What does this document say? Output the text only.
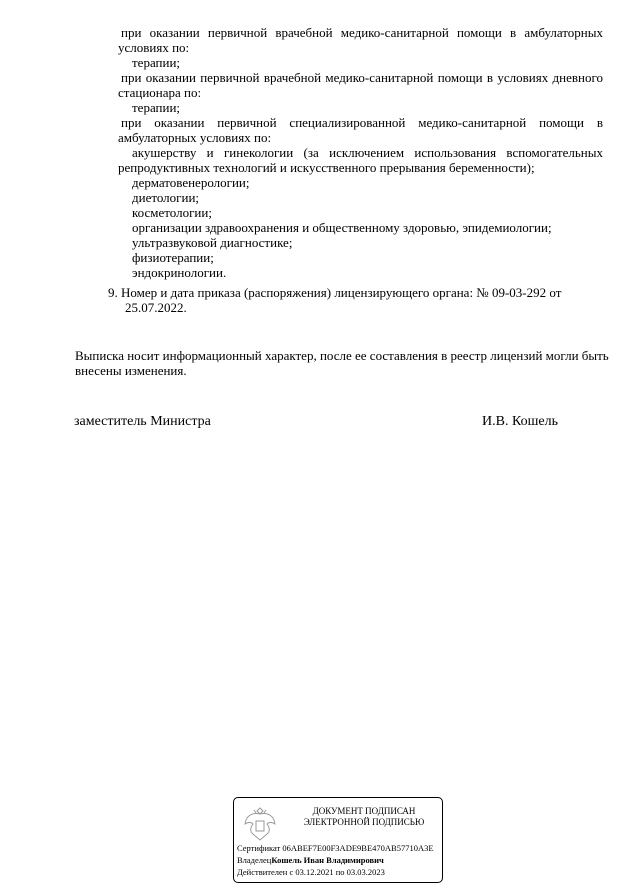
при оказании первичной врачебной медико-санитарной помощи в амбулаторных
условиях по:
терапии;
при оказании первичной врачебной медико-санитарной помощи в условиях дневного
стационара по:
терапии;
при оказании первичной специализированной медико-санитарной помощи в
амбулаторных условиях по:
акушерству и гинекологии (за исключением использования вспомогательных
репродуктивных технологий и искусственного прерывания беременности);
дерматовенерологии;
диетологии;
косметологии;
организации здравоохранения и общественному здоровью, эпидемиологии;
ультразвуковой диагностике;
физиотерапии;
эндокринологии.
9. Номер и дата приказа (распоряжения) лицензирующего органа: № 09-03-292 от
25.07.2022.
Выписка носит информационный характер, после ее составления в реестр лицензий могли быть
внесены изменения.
заместитель Министра	И.В. Кошель
ДОКУМЕНТ ПОДПИСАН
ЭЛЕКТРОННОЙ ПОДПИСЬЮ
Сертификат 06ABEF7E00F3ADE9BE470AB57710A3E
ВладелецКошель Иван Владимирович
Действителен с 03.12.2021 по 03.03.2023
